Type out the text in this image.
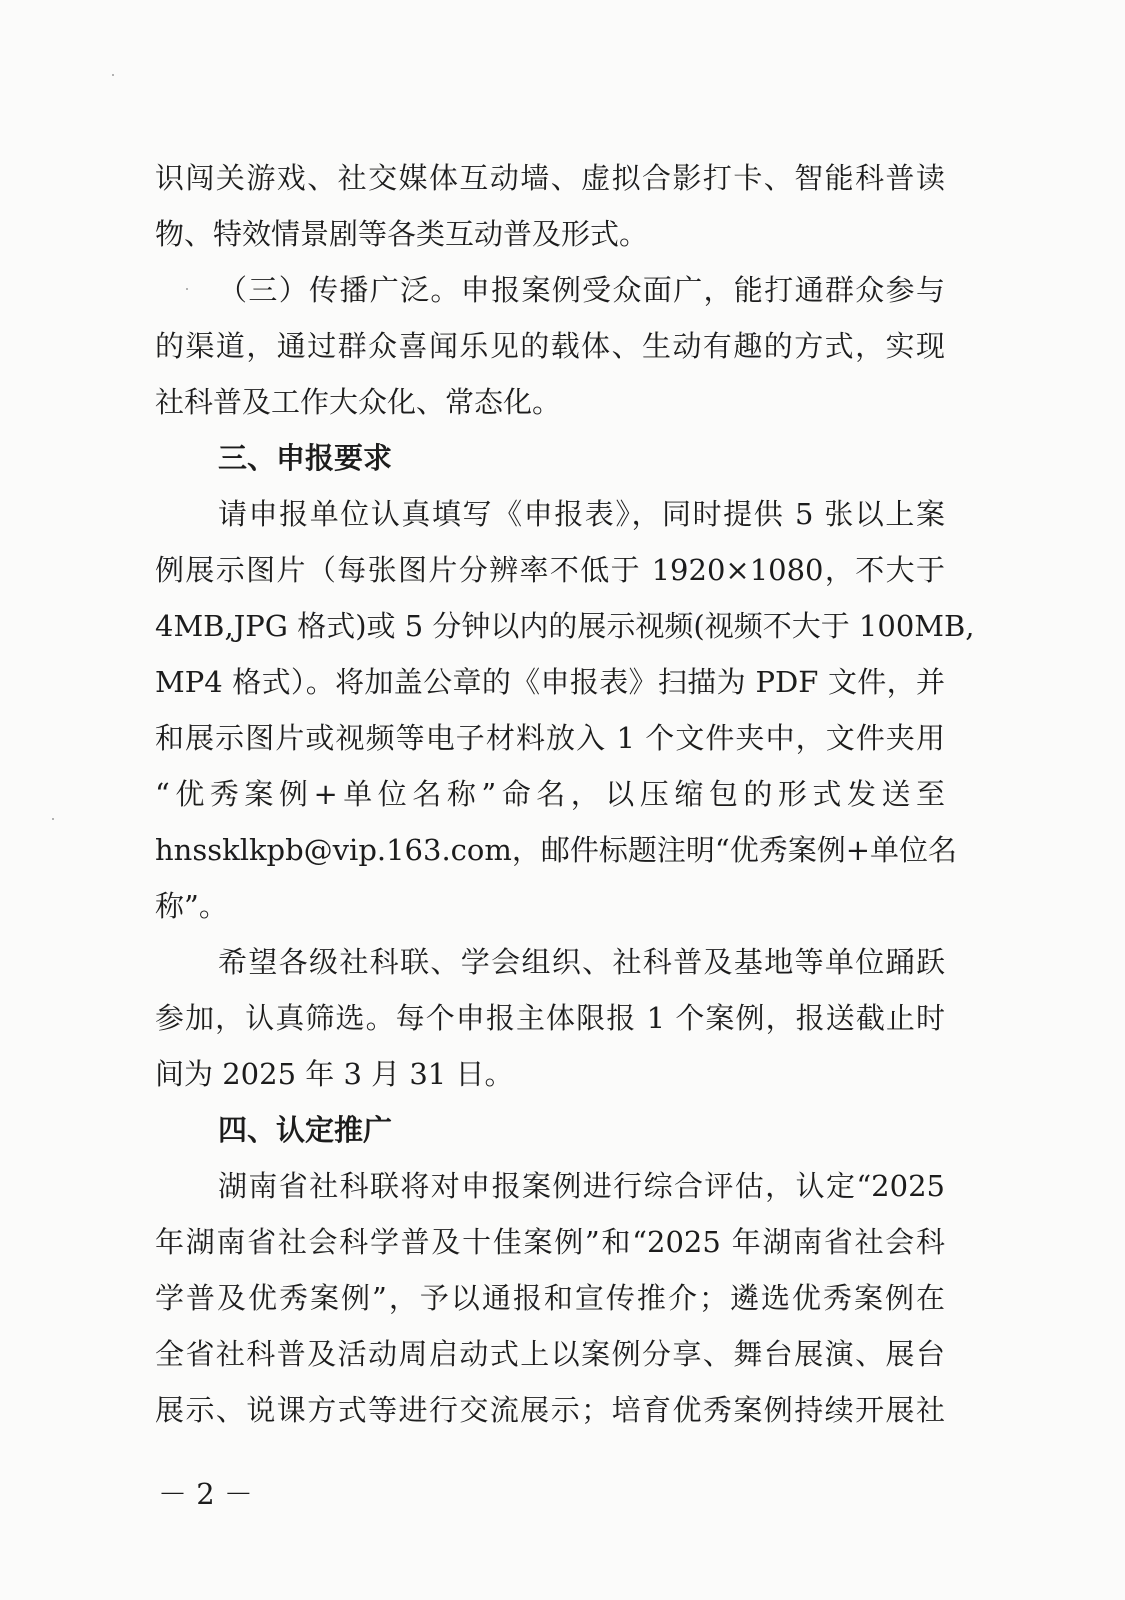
识闯关游戏、社交媒体互动墙、虚拟合影打卡、智能科普读
物、特效情景剧等各类互动普及形式。
（三）传播广泛。申报案例受众面广，能打通群众参与
的渠道，通过群众喜闻乐见的载体、生动有趣的方式，实现
社科普及工作大众化、常态化。
三、申报要求
请申报单位认真填写《申报表》，同时提供 5 张以上案
例展示图片（每张图片分辨率不低于 1920×1080，不大于
4MB,JPG 格式)或 5 分钟以内的展示视频(视频不大于 100MB,
MP4 格式）。将加盖公章的《申报表》扫描为 PDF 文件，并
和展示图片或视频等电子材料放入 1 个文件夹中，文件夹用
“优秀案例+单位名称”命名，以压缩包的形式发送至
hnssklkpb@vip.163.com，邮件标题注明“优秀案例+单位名
称”。
希望各级社科联、学会组织、社科普及基地等单位踊跃
参加，认真筛选。每个申报主体限报 1 个案例，报送截止时
间为 2025 年 3 月 31 日。
四、认定推广
湖南省社科联将对申报案例进行综合评估，认定“2025
年湖南省社会科学普及十佳案例”和“2025 年湖南省社会科
学普及优秀案例”，予以通报和宣传推介；遴选优秀案例在
全省社科普及活动周启动式上以案例分享、舞台展演、展台
展示、说课方式等进行交流展示；培育优秀案例持续开展社
－ 2 －
